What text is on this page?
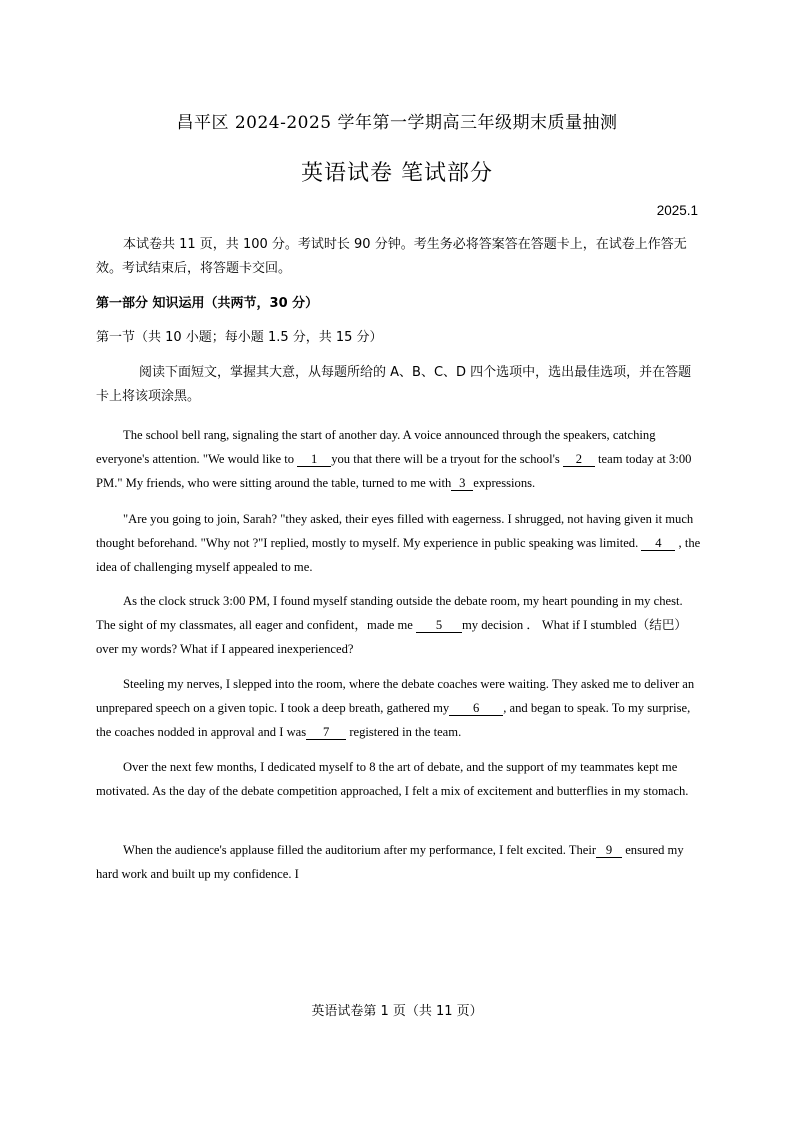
昌平区 2024-2025 学年第一学期高三年级期末质量抽测
英语试卷 笔试部分
2025.1
本试卷共 11 页，共 100 分。考试时长 90 分钟。考生务必将答案答在答题卡上，在试卷上作答无效。考试结束后，将答题卡交回。
第一部分 知识运用（共两节，30 分）
第一节（共 10 小题；每小题 1.5 分，共 15 分）
阅读下面短文，掌握其大意，从每题所给的 A、B、C、D 四个选项中，选出最佳选项，并在答题卡上将该项涂黑。
The school bell rang, signaling the start of another day. A voice announced through the speakers, catching everyone's attention. "We would like to 1 you that there will be a tryout for the school's 2 team today at 3:00 PM." My friends, who were sitting around the table, turned to me with 3 expressions.
"Are you going to join, Sarah? "they asked, their eyes filled with eagerness. I shrugged, not having given it much thought beforehand. "Why not ?"I replied, mostly to myself. My experience in public speaking was limited. 4 , the idea of challenging myself appealed to me.
As the clock struck 3:00 PM, I found myself standing outside the debate room, my heart pounding in my chest. The sight of my classmates, all eager and confident，made me 5 my decision ． What if I stumbled（结巴）over my words? What if I appeared inexperienced?
Steeling my nerves, I slepped into the room, where the debate coaches were waiting. They asked me to deliver an unprepared speech on a given topic. I took a deep breath, gathered my 6 , and began to speak. To my surprise, the coaches nodded in approval and I was 7 registered in the team.
Over the next few months, I dedicated myself to 8 the art of debate, and the support of my teammates kept me motivated. As the day of the debate competition approached, I felt a mix of excitement and butterflies in my stomach.
When the audience's applause filled the auditorium after my performance, I felt excited. Their 9 ensured my hard work and built up my confidence. I
英语试卷第 1 页（共 11 页）
